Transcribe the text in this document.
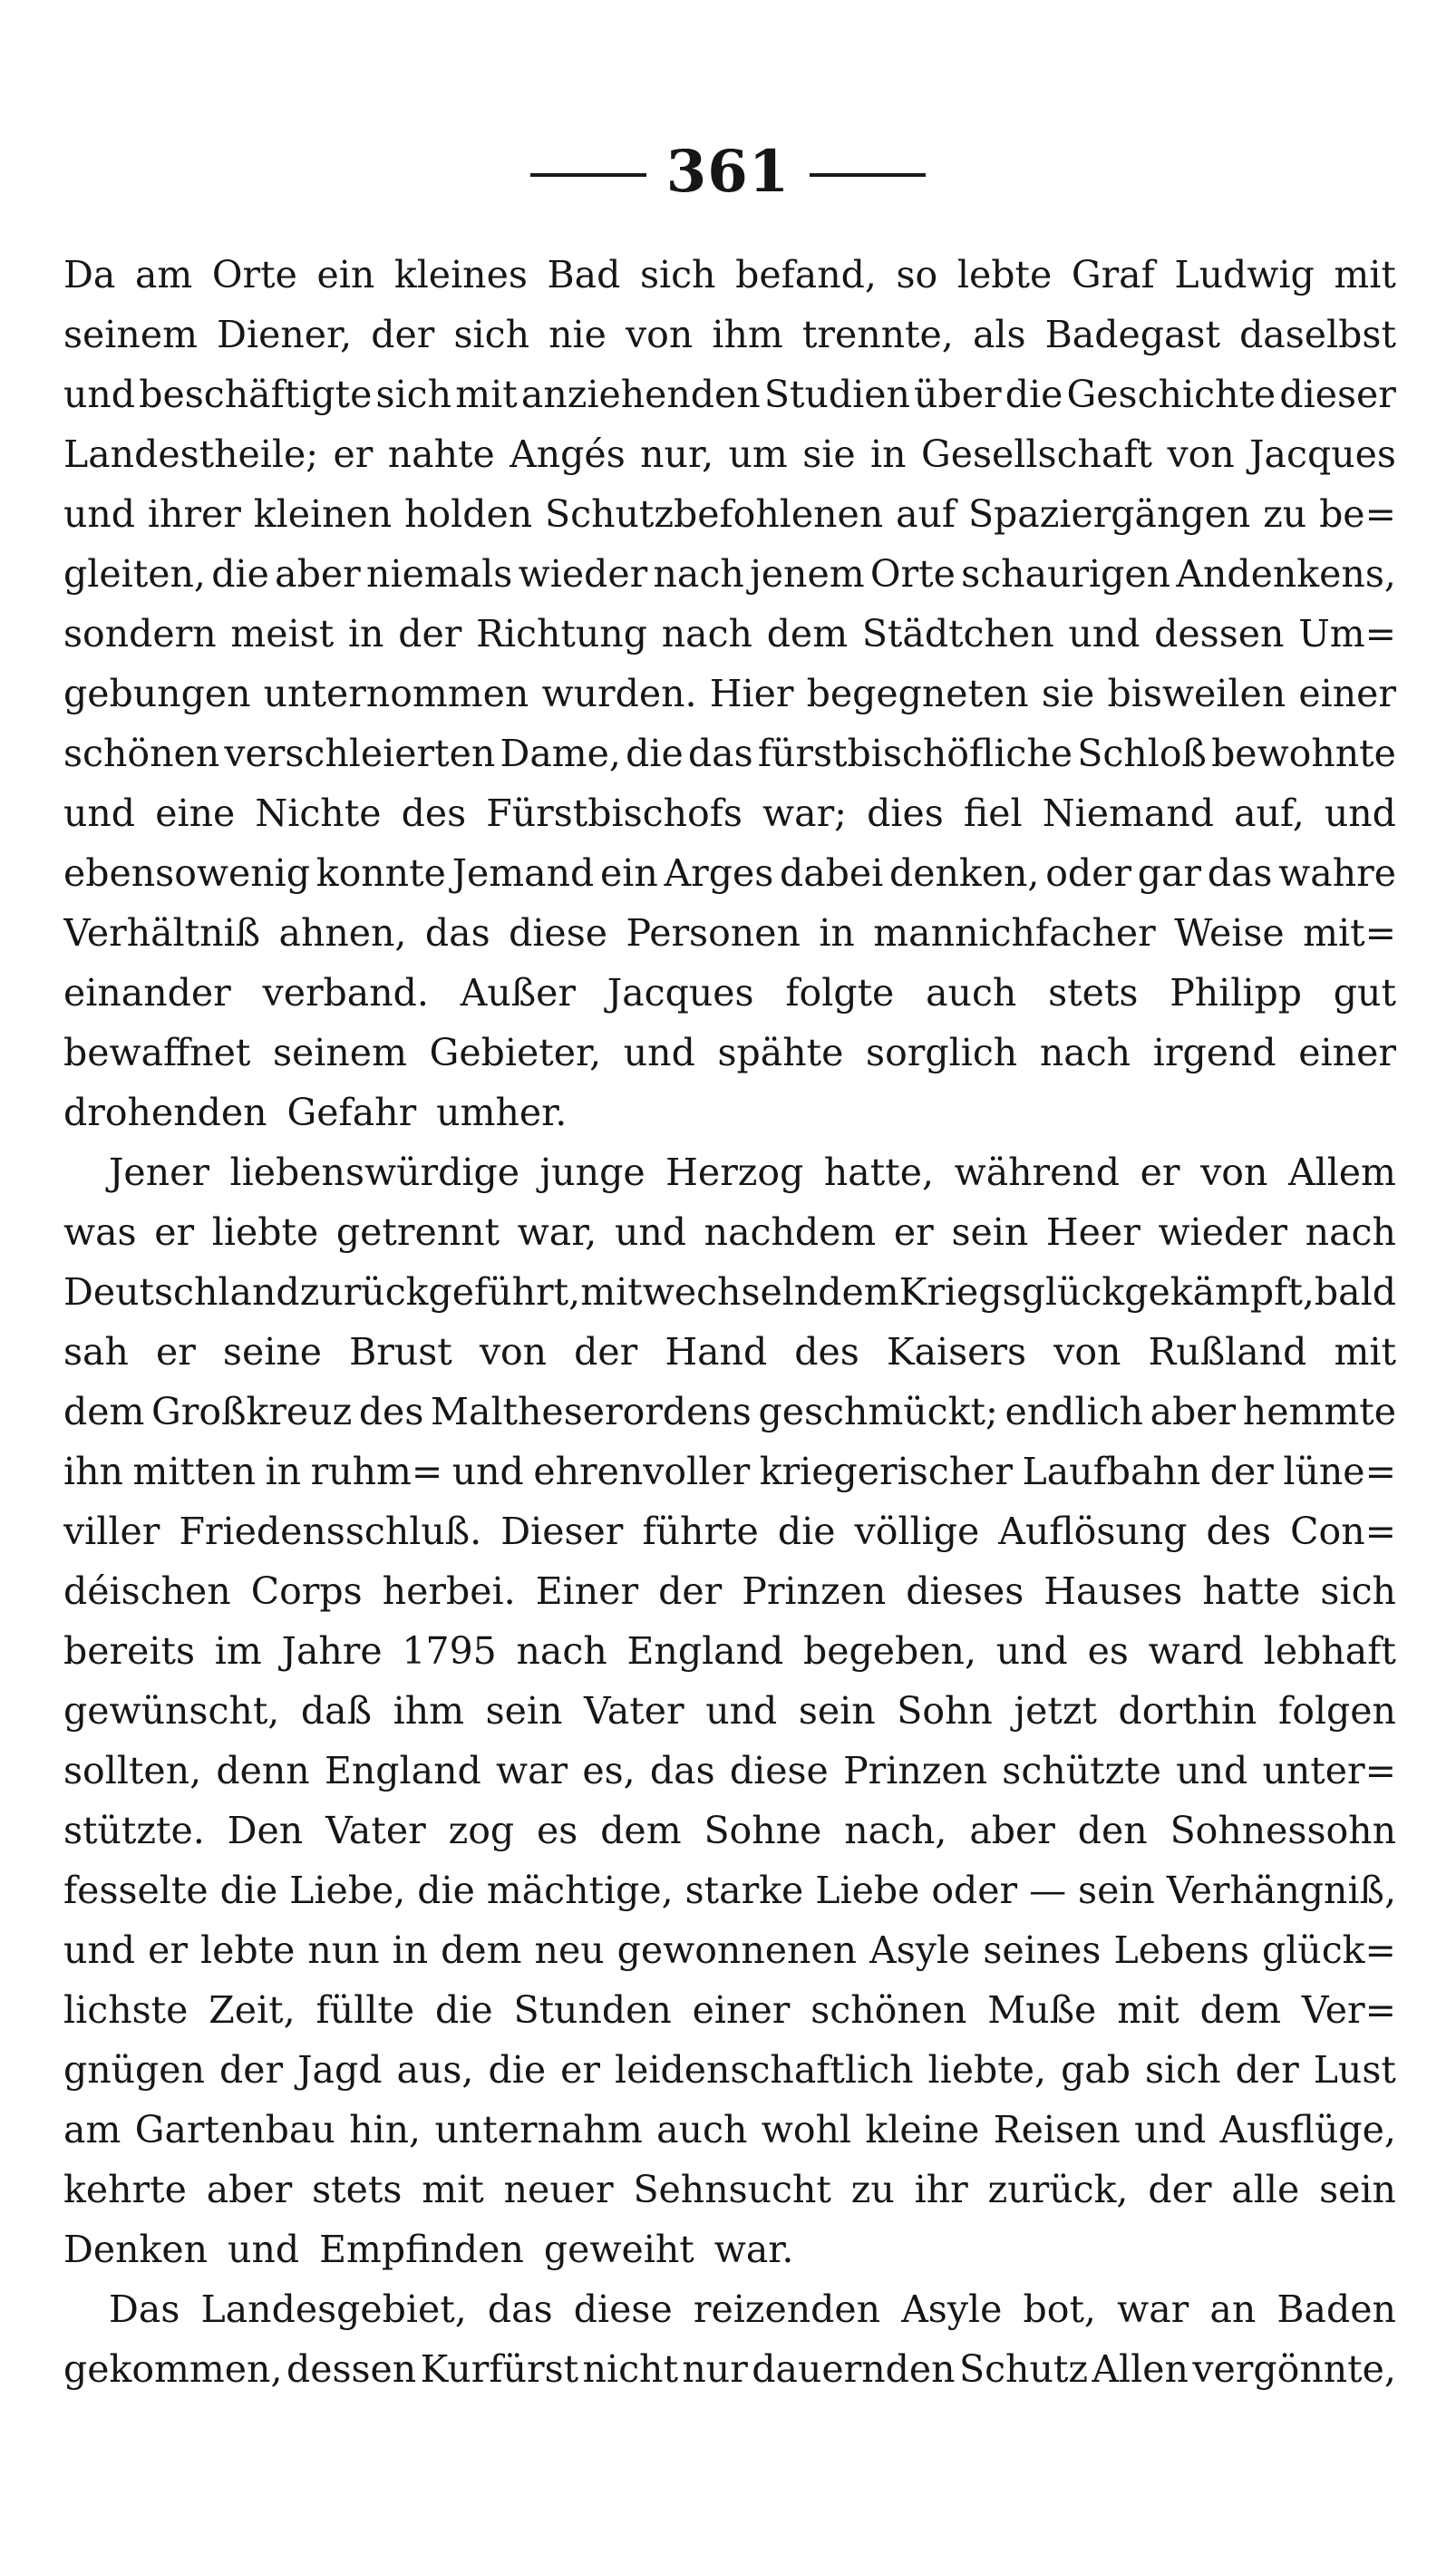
361
Da am Orte ein kleines Bad sich befand, so lebte Graf Ludwig mit
seinem Diener, der sich nie von ihm trennte, als Badegast daselbst
und beschäftigte sich mit anziehenden Studien über die Geschichte dieser
Landestheile; er nahte Angés nur, um sie in Gesellschaft von Jacques
und ihrer kleinen holden Schutzbefohlenen auf Spaziergängen zu be=
gleiten, die aber niemals wieder nach jenem Orte schaurigen Andenkens,
sondern meist in der Richtung nach dem Städtchen und dessen Um=
gebungen unternommen wurden. Hier begegneten sie bisweilen einer
schönen verschleierten Dame, die das fürstbischöfliche Schloß bewohnte
und eine Nichte des Fürstbischofs war; dies fiel Niemand auf, und
ebensowenig konnte Jemand ein Arges dabei denken, oder gar das wahre
Verhältniß ahnen, das diese Personen in mannichfacher Weise mit=
einander verband. Außer Jacques folgte auch stets Philipp gut
bewaffnet seinem Gebieter, und spähte sorglich nach irgend einer
drohenden Gefahr umher.
Jener liebenswürdige junge Herzog hatte, während er von Allem
was er liebte getrennt war, und nachdem er sein Heer wieder nach
Deutschland zurückgeführt, mit wechselndem Kriegsglück gekämpft, bald
sah er seine Brust von der Hand des Kaisers von Rußland mit
dem Großkreuz des Maltheserordens geschmückt; endlich aber hemmte
ihn mitten in ruhm= und ehrenvoller kriegerischer Laufbahn der lüne=
viller Friedensschluß. Dieser führte die völlige Auflösung des Con=
déischen Corps herbei. Einer der Prinzen dieses Hauses hatte sich
bereits im Jahre 1795 nach England begeben, und es ward lebhaft
gewünscht, daß ihm sein Vater und sein Sohn jetzt dorthin folgen
sollten, denn England war es, das diese Prinzen schützte und unter=
stützte. Den Vater zog es dem Sohne nach, aber den Sohnessohn
fesselte die Liebe, die mächtige, starke Liebe oder — sein Verhängniß,
und er lebte nun in dem neu gewonnenen Asyle seines Lebens glück=
lichste Zeit, füllte die Stunden einer schönen Muße mit dem Ver=
gnügen der Jagd aus, die er leidenschaftlich liebte, gab sich der Lust
am Gartenbau hin, unternahm auch wohl kleine Reisen und Ausflüge,
kehrte aber stets mit neuer Sehnsucht zu ihr zurück, der alle sein
Denken und Empfinden geweiht war.
Das Landesgebiet, das diese reizenden Asyle bot, war an Baden
gekommen, dessen Kurfürst nicht nur dauernden Schutz Allen vergönnte,
